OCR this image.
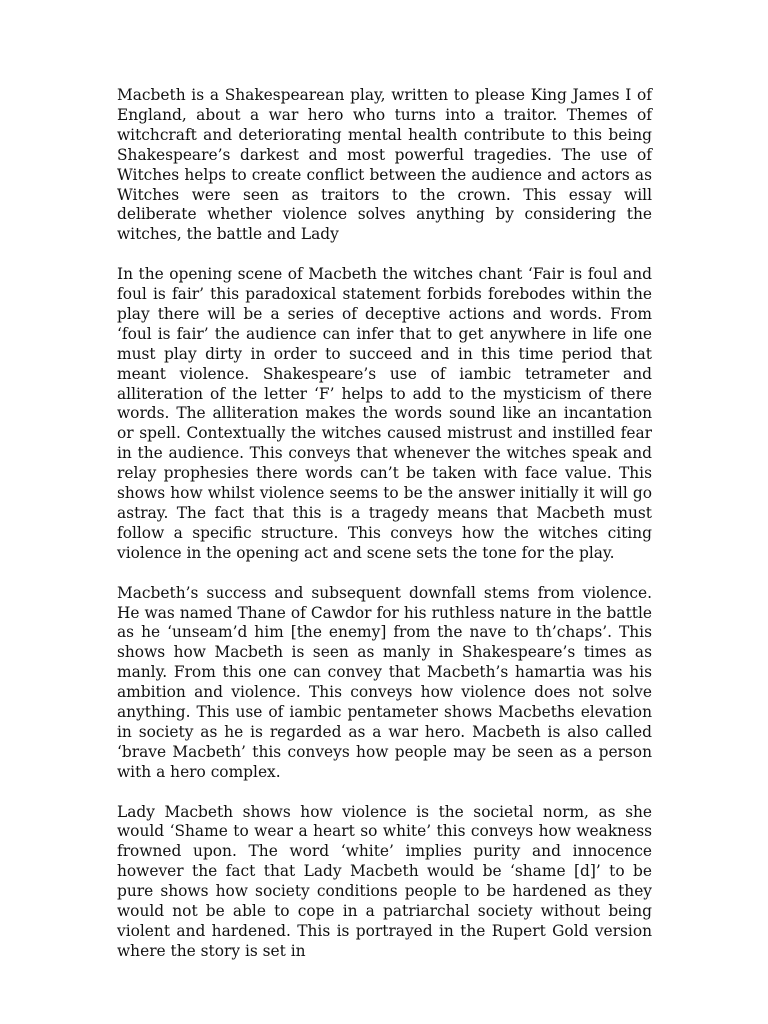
Macbeth is a Shakespearean play, written to please King James I of England, about a war hero who turns into a traitor. Themes of witchcraft and deteriorating mental health contribute to this being Shakespeare’s darkest and most powerful tragedies. The use of Witches helps to create conflict between the audience and actors as Witches were seen as traitors to the crown. This essay will deliberate whether violence solves anything by considering the witches, the battle and Lady

In the opening scene of Macbeth the witches chant ‘Fair is foul and foul is fair’ this paradoxical statement forbids forebodes within the play there will be a series of deceptive actions and words. From ‘foul is fair’ the audience can infer that to get anywhere in life one must play dirty in order to succeed and in this time period that meant violence. Shakespeare’s use of iambic tetrameter and alliteration of the letter ‘F’ helps to add to the mysticism of there words. The alliteration makes the words sound like an incantation or spell. Contextually the witches caused mistrust and instilled fear in the audience. This conveys that whenever the witches speak and relay prophesies there words can’t be taken with face value. This shows how whilst violence seems to be the answer initially it will go astray. The fact that this is a tragedy means that Macbeth must follow a specific structure. This conveys how the witches citing violence in the opening act and scene sets the tone for the play.

Macbeth’s success and subsequent downfall stems from violence. He was named Thane of Cawdor for his ruthless nature in the battle as he ‘unseam’d him [the enemy] from the nave to th’chaps’. This shows how Macbeth is seen as manly in Shakespeare’s times as manly. From this one can convey that Macbeth’s hamartia was his ambition and violence. This conveys how violence does not solve anything. This use of iambic pentameter shows Macbeths elevation in society as he is regarded as a war hero. Macbeth is also called ‘brave Macbeth’ this conveys how people may be seen as a person with a hero complex.

Lady Macbeth shows how violence is the societal norm, as she would ‘Shame to wear a heart so white’ this conveys how weakness frowned upon. The word ‘white’ implies purity and innocence however the fact that Lady Macbeth would be ‘shame [d]’ to be pure shows how society conditions people to be hardened as they would not be able to cope in a patriarchal society without being violent and hardened. This is portrayed in the Rupert Gold version where the story is set in
